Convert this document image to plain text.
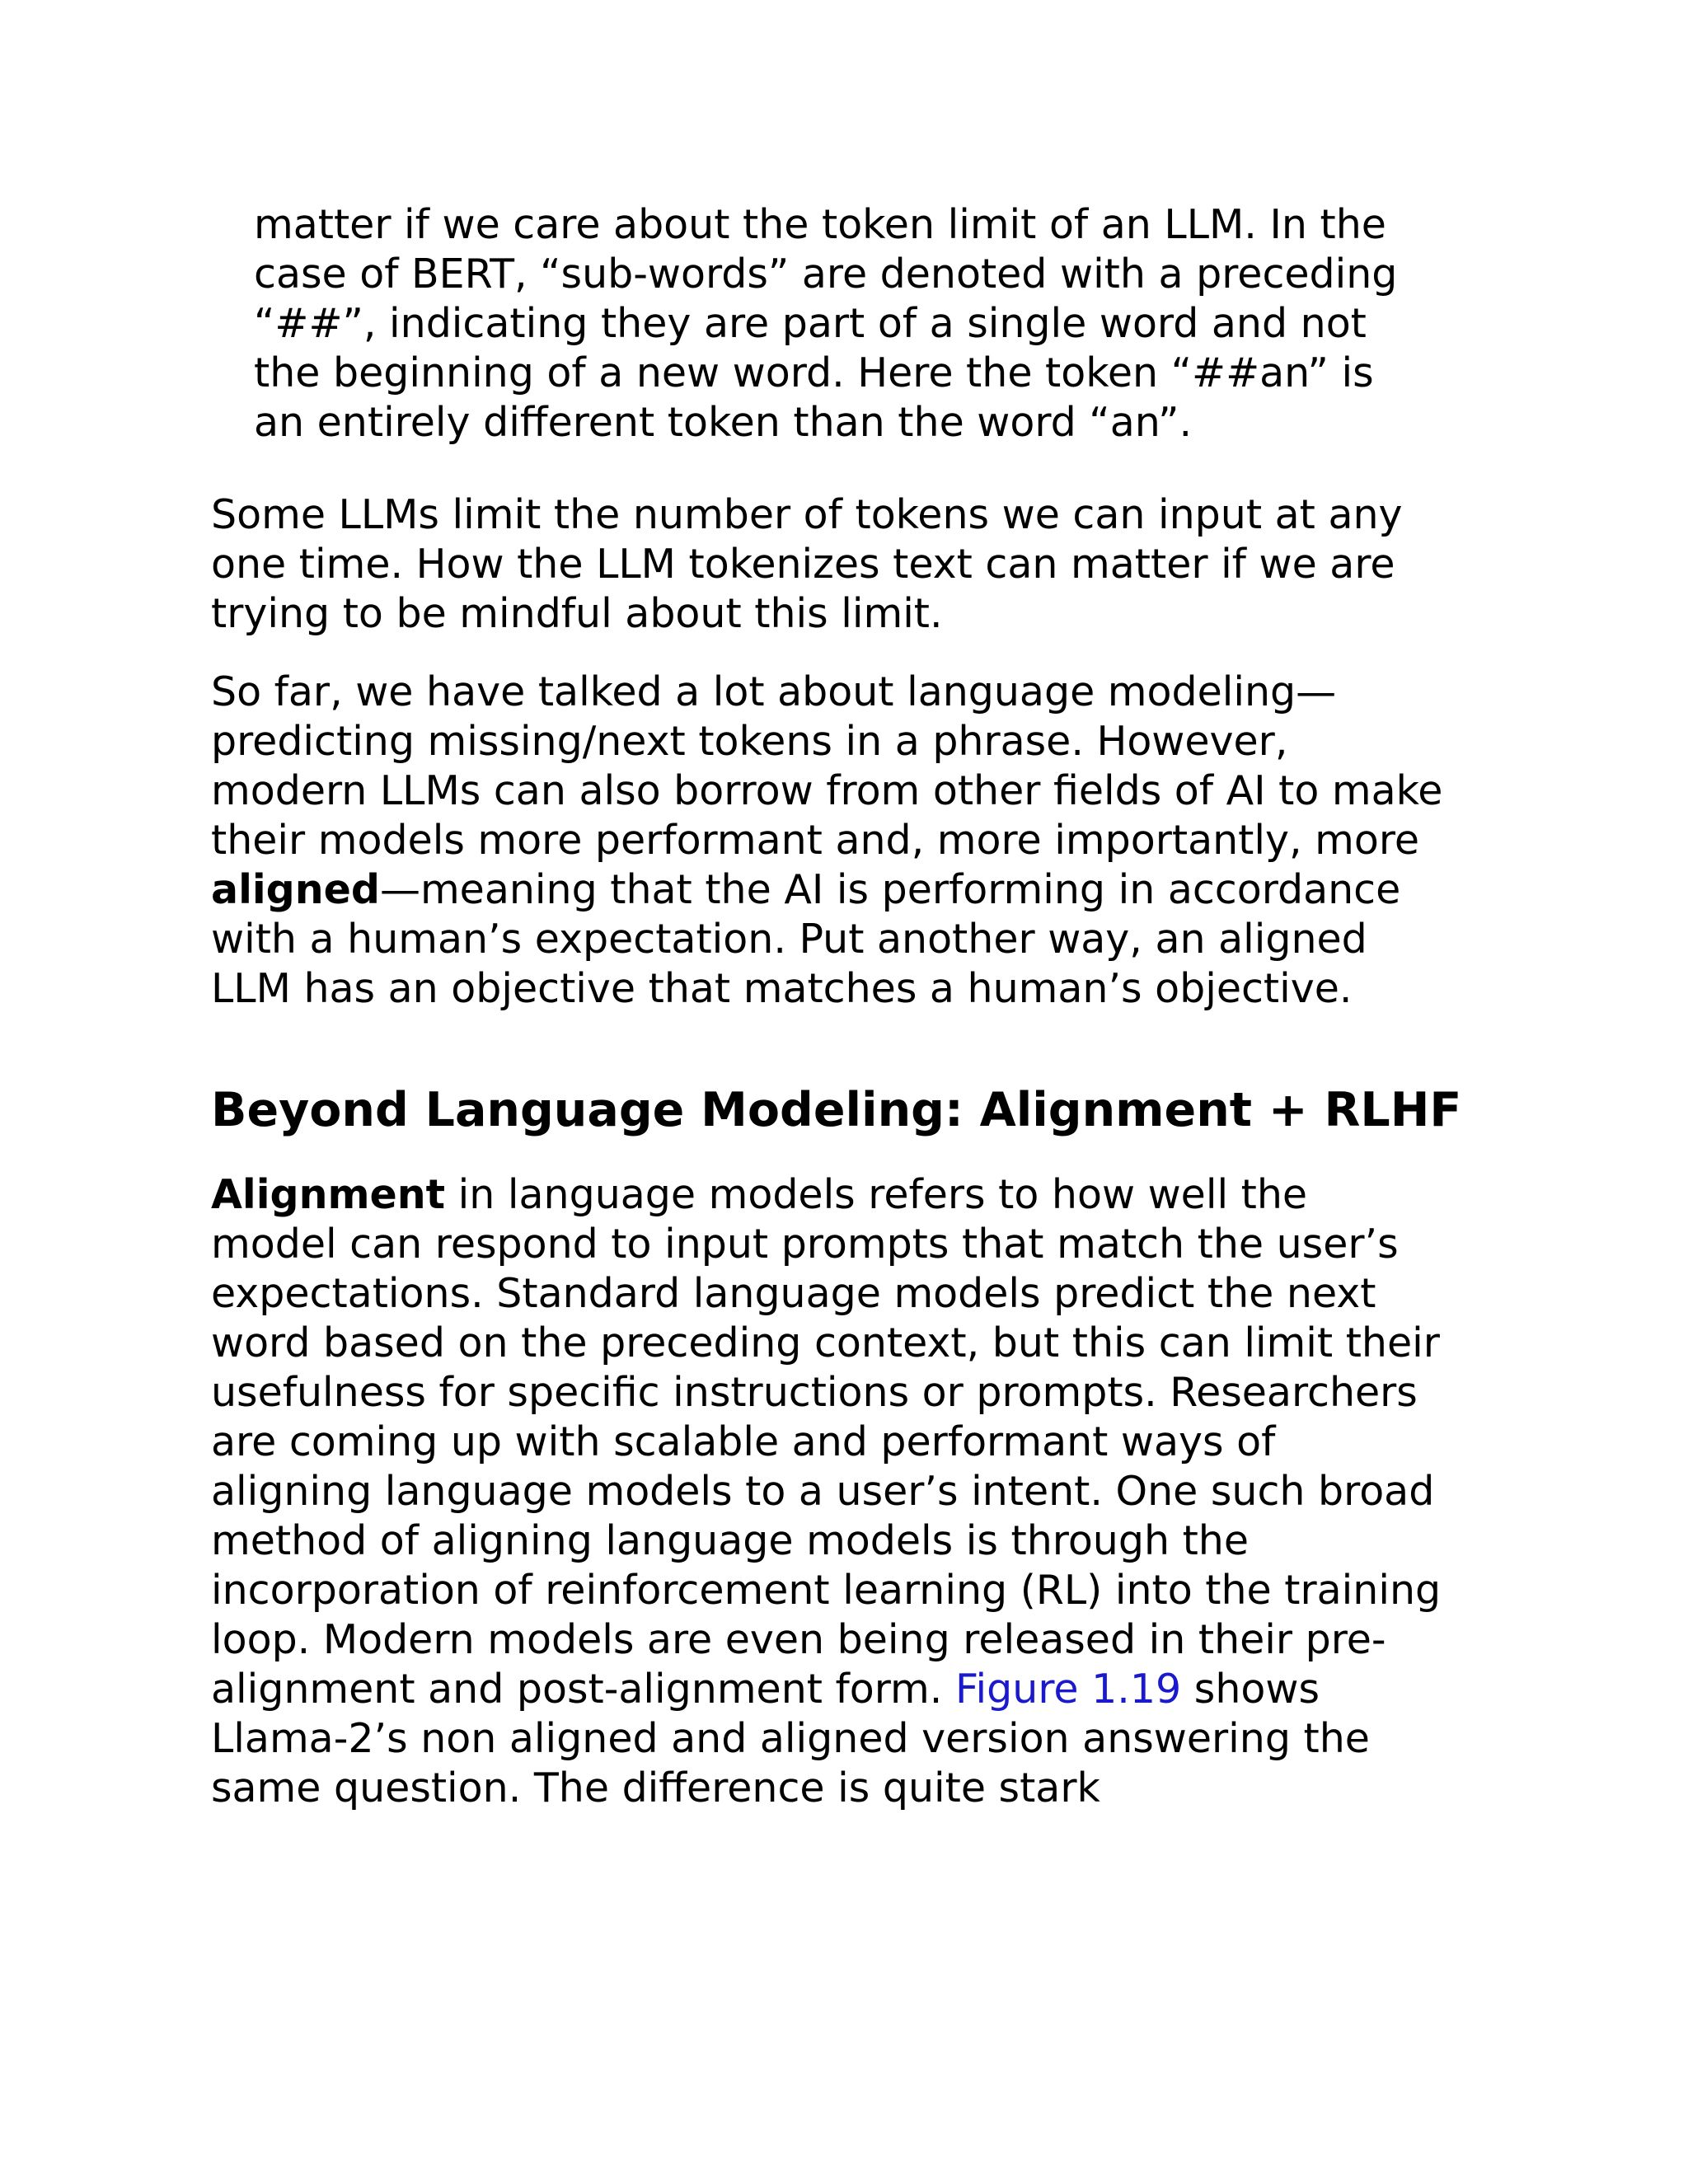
matter if we care about the token limit of an LLM. In the
case of BERT, “sub-words” are denoted with a preceding
“##”, indicating they are part of a single word and not
the beginning of a new word. Here the token “##an” is
an entirely different token than the word “an”.

Some LLMs limit the number of tokens we can input at any
one time. How the LLM tokenizes text can matter if we are
trying to be mindful about this limit.

So far, we have talked a lot about language modeling—
predicting missing/next tokens in a phrase. However,
modern LLMs can also borrow from other fields of AI to make
their models more performant and, more importantly, more
aligned—meaning that the AI is performing in accordance
with a human’s expectation. Put another way, an aligned
LLM has an objective that matches a human’s objective.

Beyond Language Modeling: Alignment + RLHF

Alignment in language models refers to how well the
model can respond to input prompts that match the user’s
expectations. Standard language models predict the next
word based on the preceding context, but this can limit their
usefulness for specific instructions or prompts. Researchers
are coming up with scalable and performant ways of
aligning language models to a user’s intent. One such broad
method of aligning language models is through the
incorporation of reinforcement learning (RL) into the training
loop. Modern models are even being released in their pre-
alignment and post-alignment form. Figure 1.19 shows
Llama-2’s non aligned and aligned version answering the
same question. The difference is quite stark
